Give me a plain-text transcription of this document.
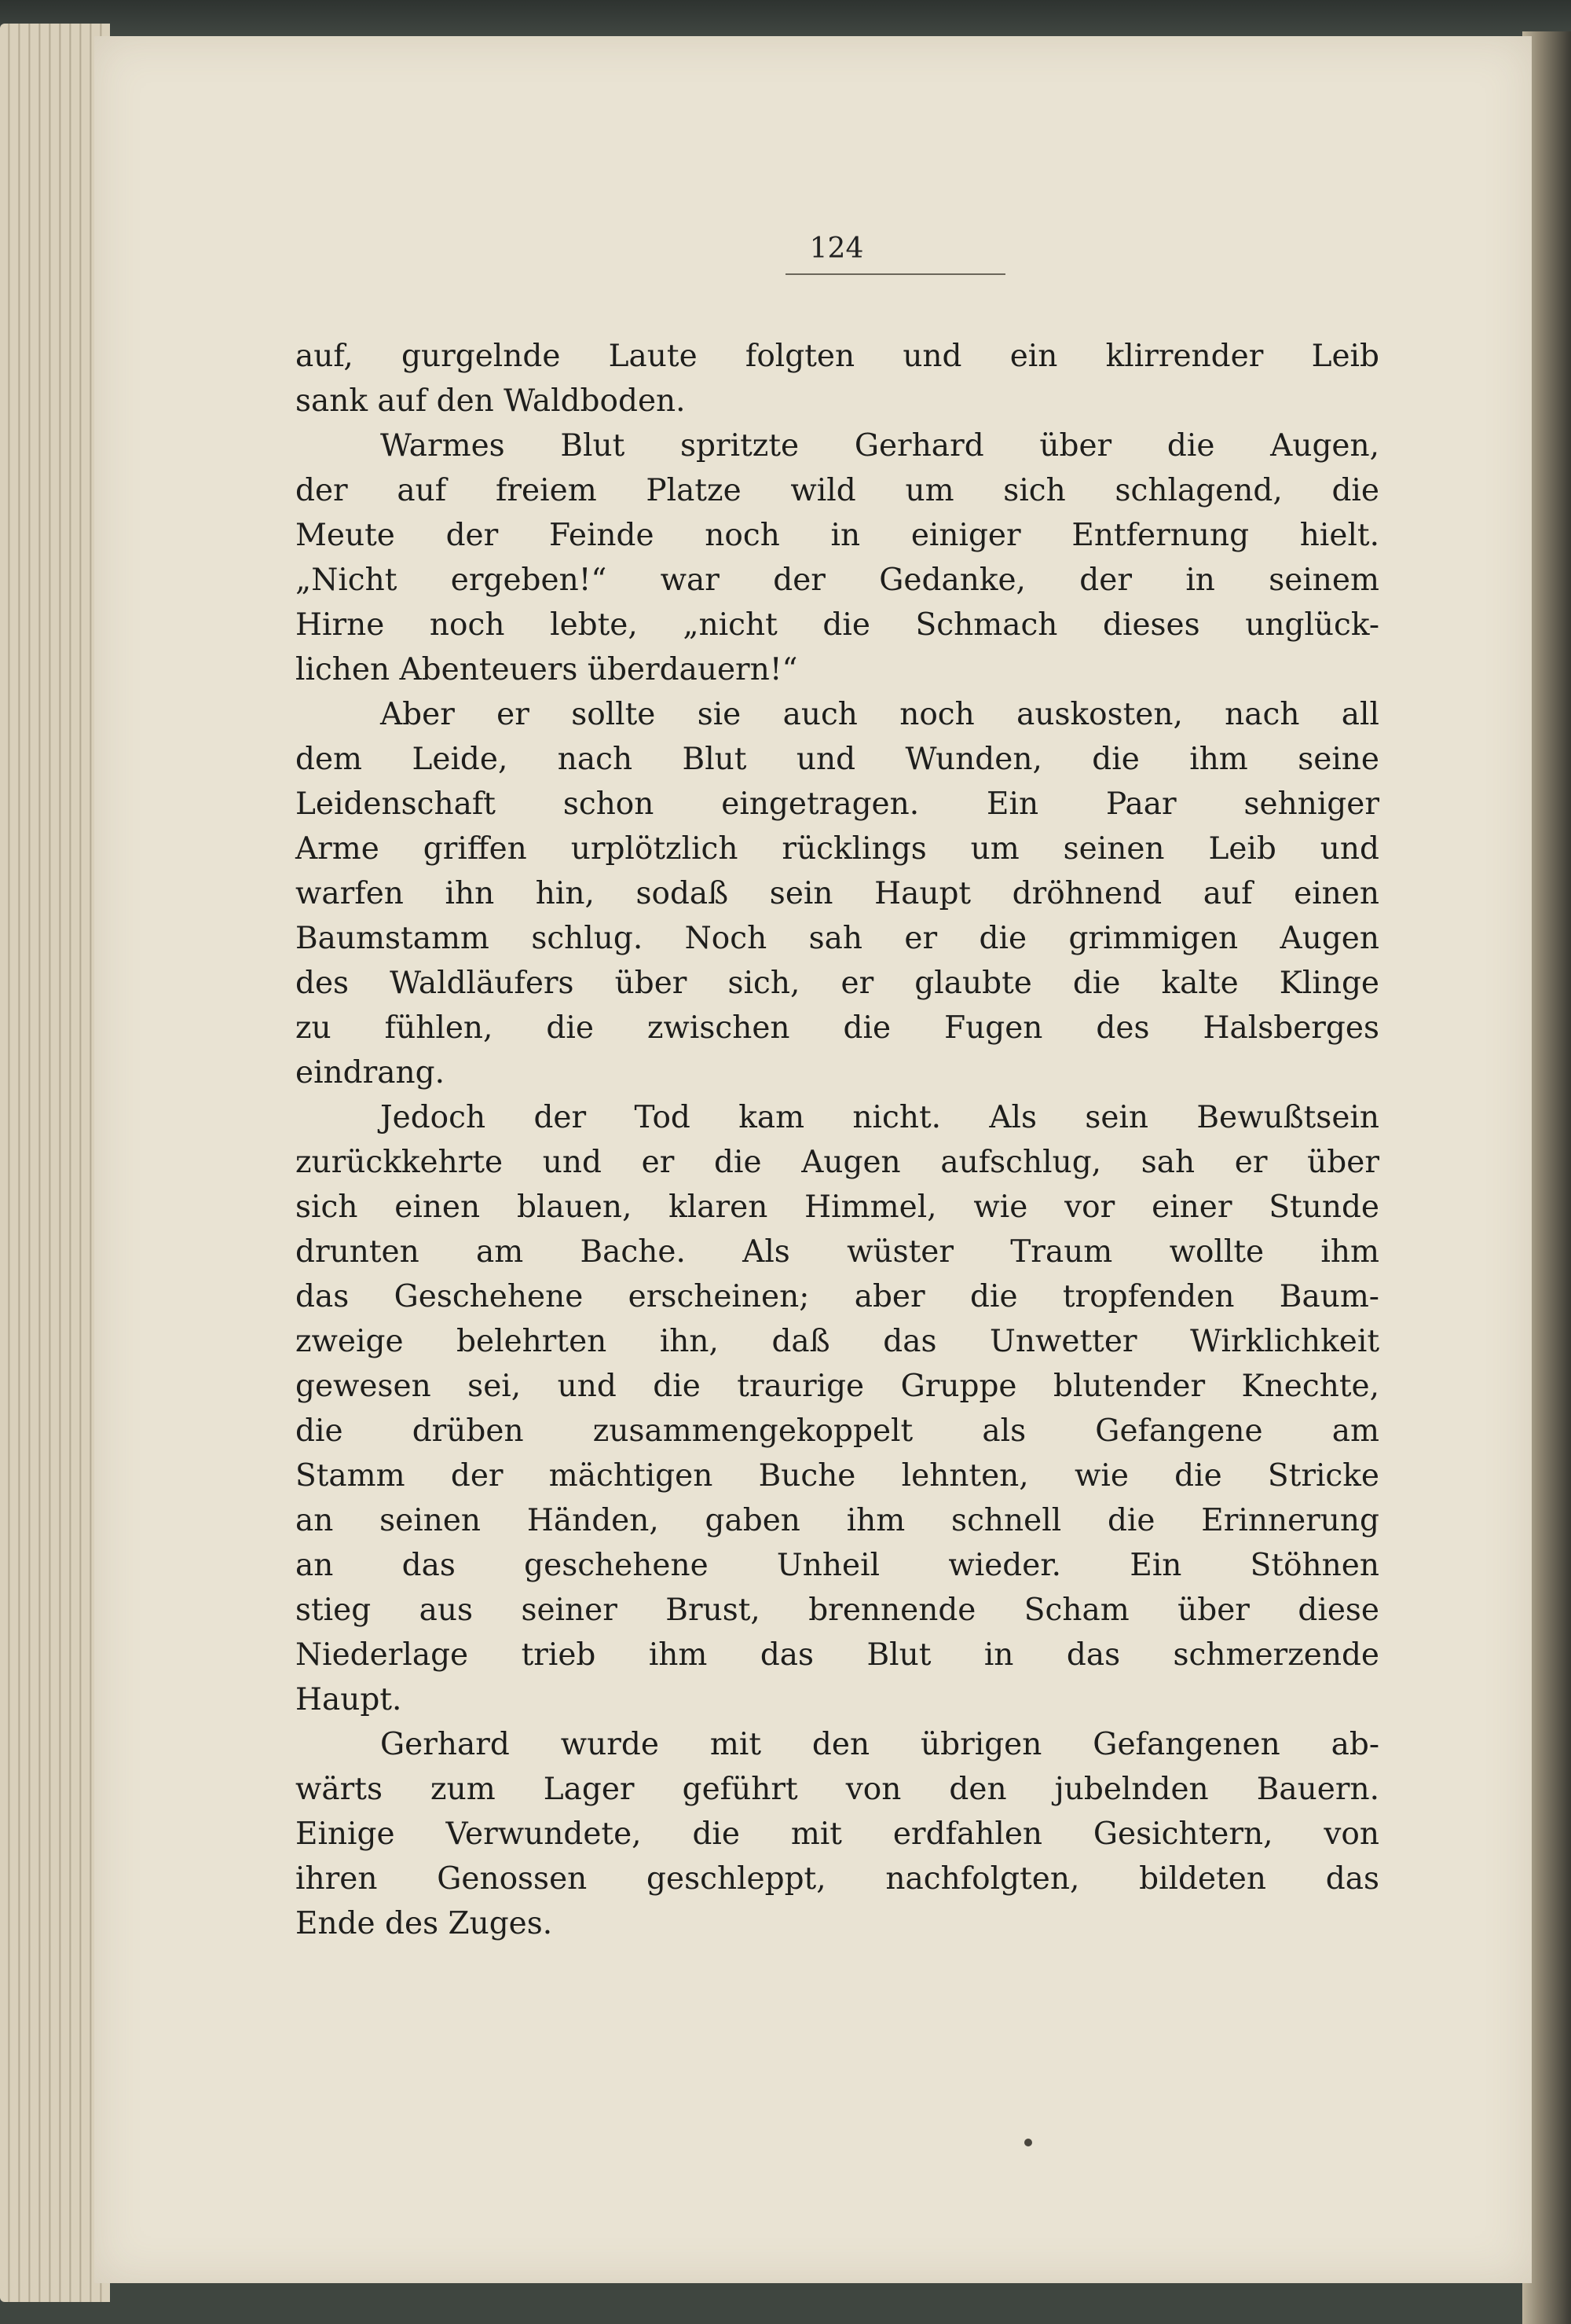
124
auf, gurgelnde Laute folgten und ein klirrender Leib
sank auf den Waldboden.
Warmes Blut spritzte Gerhard über die Augen,
der auf freiem Platze wild um sich schlagend, die
Meute der Feinde noch in einiger Entfernung hielt.
„Nicht ergeben!“ war der Gedanke, der in seinem
Hirne noch lebte, „nicht die Schmach dieses unglück-
lichen Abenteuers überdauern!“
Aber er sollte sie auch noch auskosten, nach all
dem Leide, nach Blut und Wunden, die ihm seine
Leidenschaft schon eingetragen. Ein Paar sehniger
Arme griffen urplötzlich rücklings um seinen Leib und
warfen ihn hin, sodaß sein Haupt dröhnend auf einen
Baumstamm schlug. Noch sah er die grimmigen Augen
des Waldläufers über sich, er glaubte die kalte Klinge
zu fühlen, die zwischen die Fugen des Halsberges
eindrang.
Jedoch der Tod kam nicht. Als sein Bewußtsein
zurückkehrte und er die Augen aufschlug, sah er über
sich einen blauen, klaren Himmel, wie vor einer Stunde
drunten am Bache. Als wüster Traum wollte ihm
das Geschehene erscheinen; aber die tropfenden Baum-
zweige belehrten ihn, daß das Unwetter Wirklichkeit
gewesen sei, und die traurige Gruppe blutender Knechte,
die drüben zusammengekoppelt als Gefangene am
Stamm der mächtigen Buche lehnten, wie die Stricke
an seinen Händen, gaben ihm schnell die Erinnerung
an das geschehene Unheil wieder. Ein Stöhnen
stieg aus seiner Brust, brennende Scham über diese
Niederlage trieb ihm das Blut in das schmerzende
Haupt.
Gerhard wurde mit den übrigen Gefangenen ab-
wärts zum Lager geführt von den jubelnden Bauern.
Einige Verwundete, die mit erdfahlen Gesichtern, von
ihren Genossen geschleppt, nachfolgten, bildeten das
Ende des Zuges.
